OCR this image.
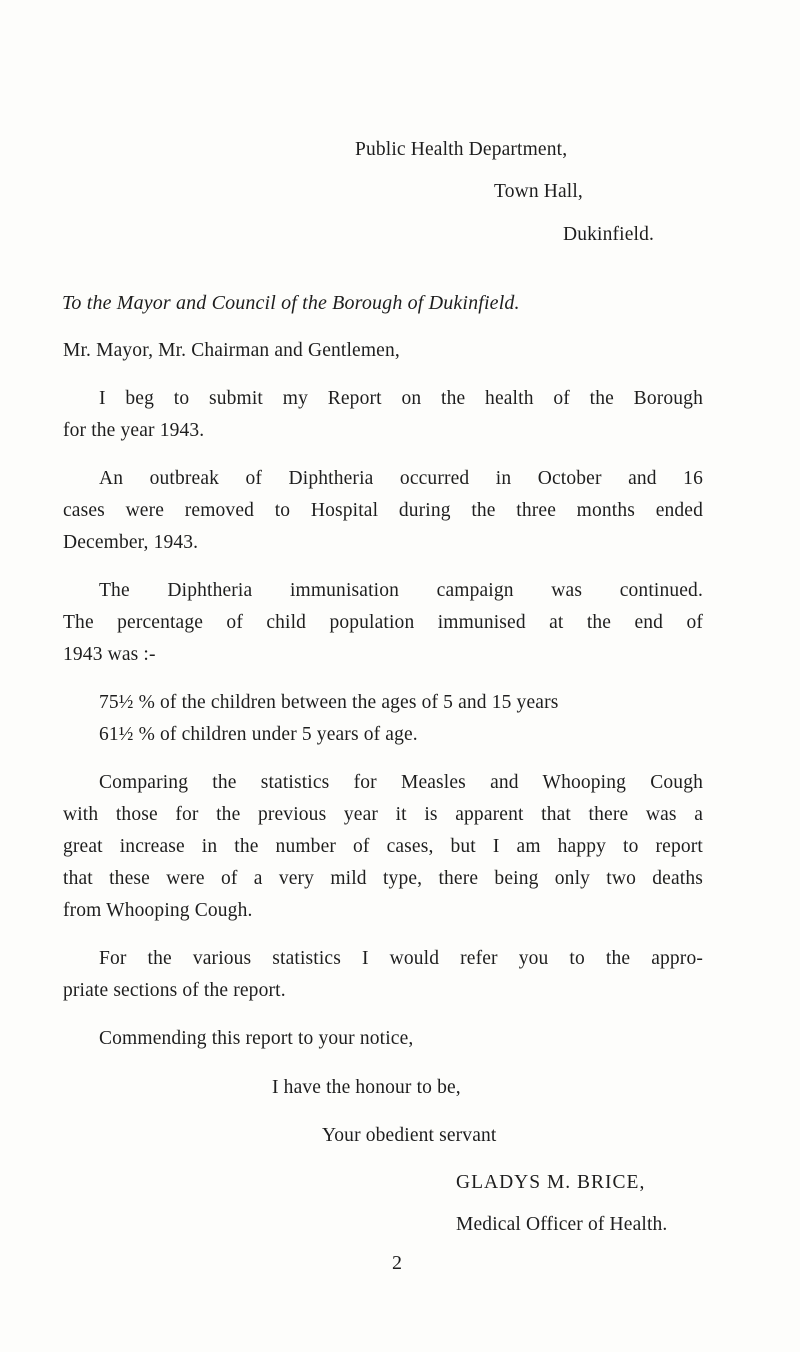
Public Health Department,
Town Hall,
Dukinfield.
To the Mayor and Council of the Borough of Dukinfield.
Mr. Mayor, Mr. Chairman and Gentlemen,
I beg to submit my Report on the health of the Borough
for the year 1943.
An outbreak of Diphtheria occurred in October and 16
cases were removed to Hospital during the three months ended
December, 1943.
The Diphtheria immunisation campaign was continued.
The percentage of child population immunised at the end of
1943 was :-
75½ % of the children between the ages of 5 and 15 years
61½ % of children under 5 years of age.
Comparing the statistics for Measles and Whooping Cough
with those for the previous year it is apparent that there was a
great increase in the number of cases, but I am happy to report
that these were of a very mild type, there being only two deaths
from Whooping Cough.
For the various statistics I would refer you to the appro-
priate sections of the report.
Commending this report to your notice,
I have the honour to be,
Your obedient servant
GLADYS M. BRICE,
Medical Officer of Health.
2
